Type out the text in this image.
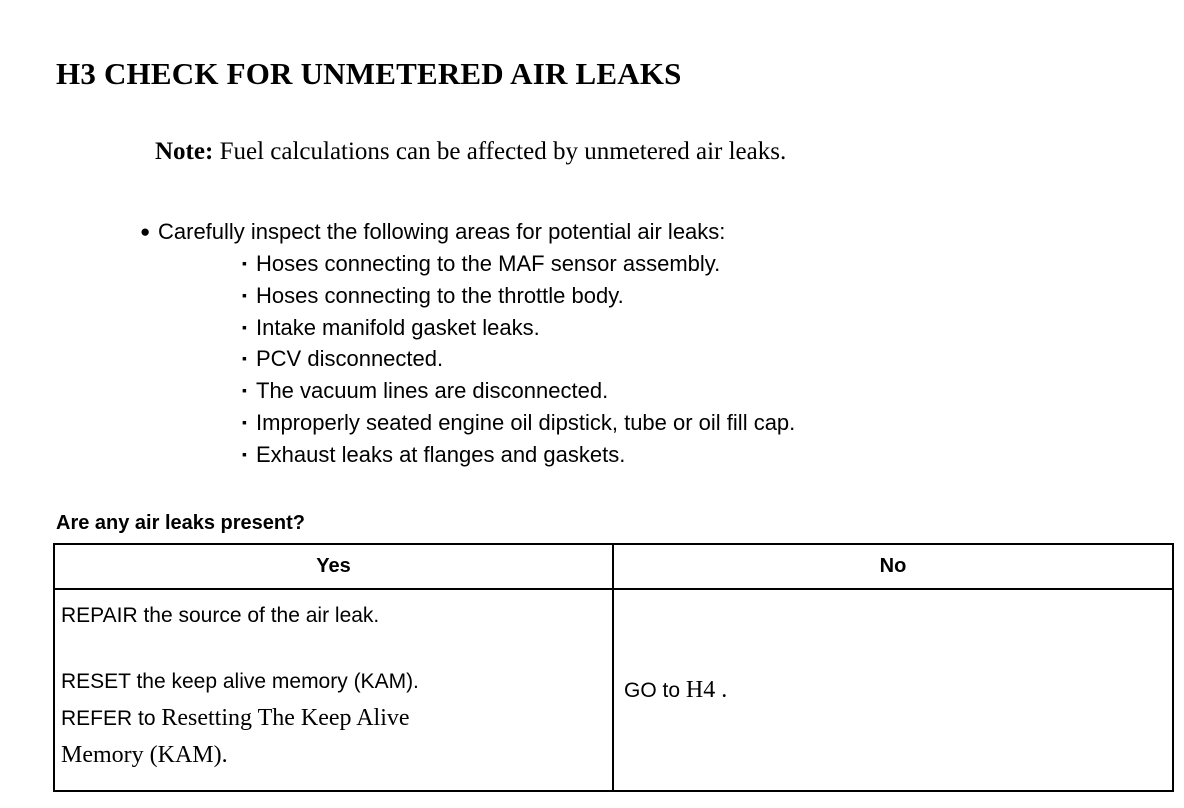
H3 CHECK FOR UNMETERED AIR LEAKS
Note: Fuel calculations can be affected by unmetered air leaks.
● Carefully inspect the following areas for potential air leaks:
▪ Hoses connecting to the MAF sensor assembly.
▪ Hoses connecting to the throttle body.
▪ Intake manifold gasket leaks.
▪ PCV disconnected.
▪ The vacuum lines are disconnected.
▪ Improperly seated engine oil dipstick, tube or oil fill cap.
▪ Exhaust leaks at flanges and gaskets.
Are any air leaks present?
Yes	No

REPAIR the source of the air leak.
RESET the keep alive memory (KAM).
REFER to Resetting The Keep Alive
Memory (KAM).	GO to H4 .
